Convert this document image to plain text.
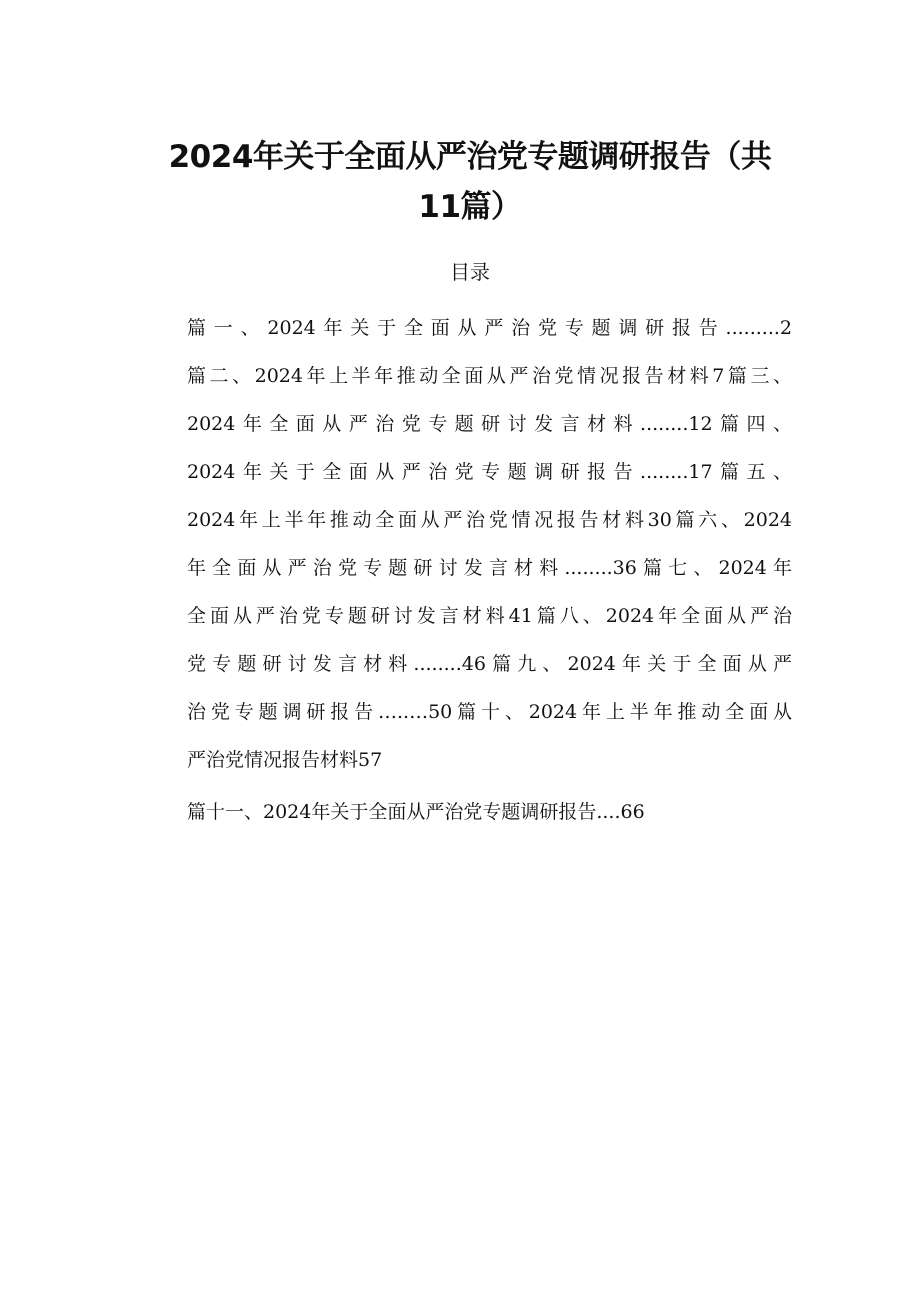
2024年关于全面从严治党专题调研报告（共
11篇）
目录
篇一、2024年关于全面从严治党专题调研报告.........2
篇二、2024年上半年推动全面从严治党情况报告材料7篇三、
2024年全面从严治党专题研讨发言材料........12篇四、
2024年关于全面从严治党专题调研报告........17篇五、
2024年上半年推动全面从严治党情况报告材料30篇六、2024
年全面从严治党专题研讨发言材料........36篇七、2024年
全面从严治党专题研讨发言材料41篇八、2024年全面从严治
党专题研讨发言材料........46篇九、2024年关于全面从严
治党专题调研报告…..…50篇十、2024年上半年推动全面从
严治党情况报告材料57
篇十一、2024年关于全面从严治党专题调研报告....66
